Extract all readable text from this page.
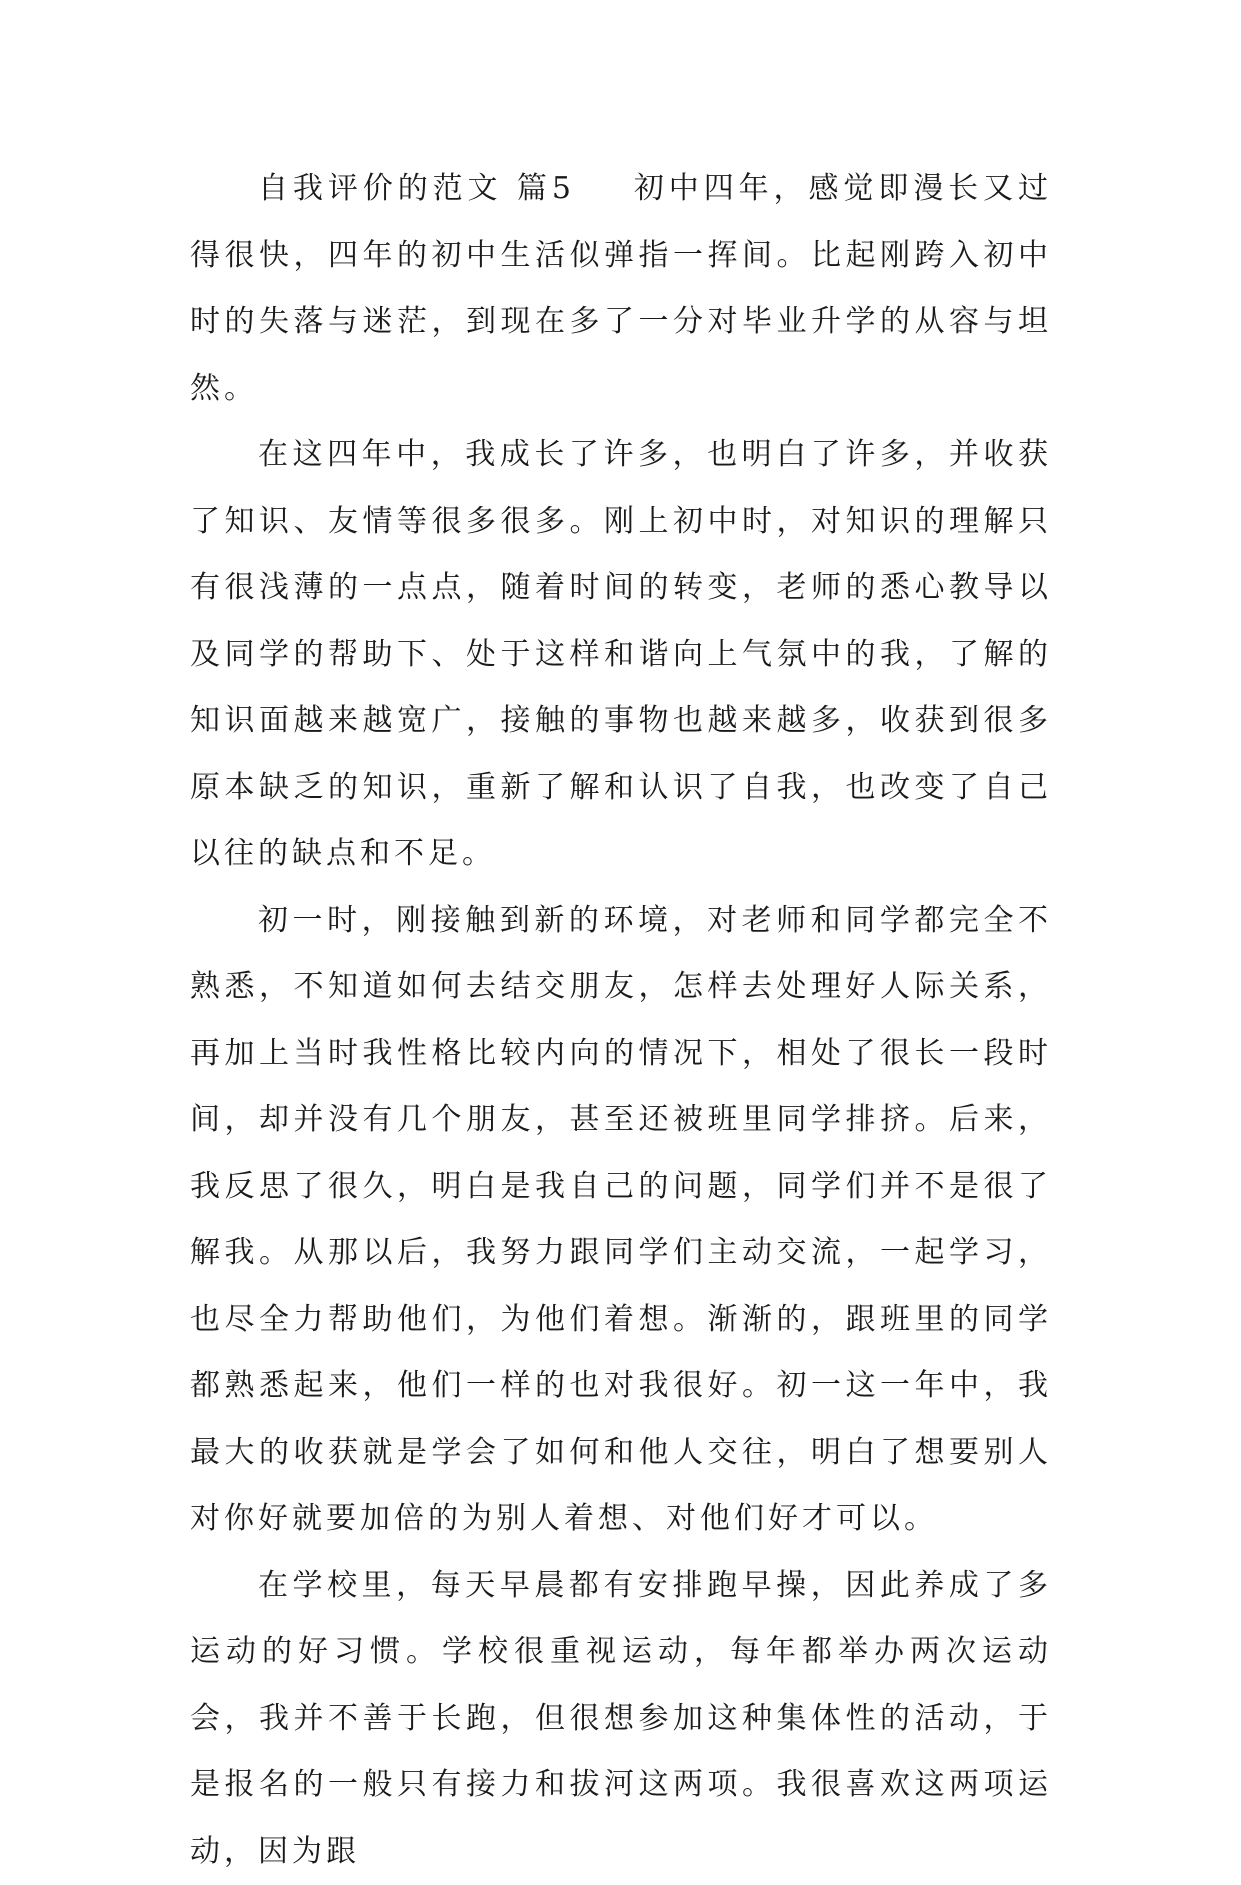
自我评价的范文 篇5 初中四年，感觉即漫长又过得很快，四年的初中生活似弹指一挥间。比起刚跨入初中时的失落与迷茫，到现在多了一分对毕业升学的从容与坦然。

在这四年中，我成长了许多，也明白了许多，并收获了知识、友情等很多很多。刚上初中时，对知识的理解只有很浅薄的一点点，随着时间的转变，老师的悉心教导以及同学的帮助下、处于这样和谐向上气氛中的我，了解的知识面越来越宽广，接触的事物也越来越多，收获到很多原本缺乏的知识，重新了解和认识了自我，也改变了自己以往的缺点和不足。

初一时，刚接触到新的环境，对老师和同学都完全不熟悉，不知道如何去结交朋友，怎样去处理好人际关系，再加上当时我性格比较内向的情况下，相处了很长一段时间，却并没有几个朋友，甚至还被班里同学排挤。后来，我反思了很久，明白是我自己的问题，同学们并不是很了解我。从那以后，我努力跟同学们主动交流，一起学习，也尽全力帮助他们，为他们着想。渐渐的，跟班里的同学都熟悉起来，他们一样的也对我很好。初一这一年中，我最大的收获就是学会了如何和他人交往，明白了想要别人对你好就要加倍的为别人着想、对他们好才可以。

在学校里，每天早晨都有安排跑早操，因此养成了多运动的好习惯。学校很重视运动，每年都举办两次运动会，我并不善于长跑，但很想参加这种集体性的活动，于是报名的一般只有接力和拔河这两项。我很喜欢这两项运动，因为跟
